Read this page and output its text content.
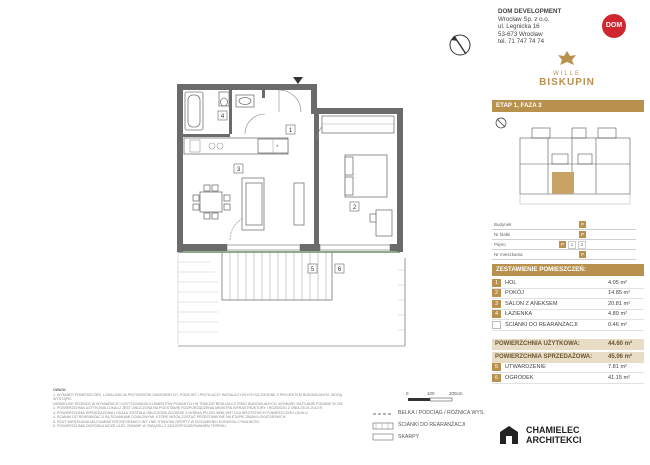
*
1
2
3
4
5	6
0	100	200cm
UWAGI:
1. WYMIARY POMIESZCZEŃ, LOKALIZACJA PRZYBORÓW SANITARNYCH, PODEJŚĆ I PRZYŁĄCZY INSTALACYJNYCH SĄ ZGODNE Z PROJEKTEM BUDOWLANYM. MOGĄ WYSTĄPIĆ
NIEWIELKIE RÓŻNICE W WYMIARACH I USYTUOWANIU ELEMENTÓW PODANYCH W TRAKCIE REALIZACJI PRAC BUDOWLANYCH. WYMIARY NA PLANIE PODANE W CM.
2. POWIERZCHNIA UŻYTKOWA LOKALU JEST OBLICZONA NA PODSTAWIE ROZPORZĄDZENIA MINISTRA INFRASTRUKTURY I ROZWOJU Z DNIA 25.04.2012 R.
3. POWIERZCHNIA SPRZEDAŻOWA LOKALU ZOSTAŁA OBLICZONA ZGODNIE Z NORMĄ PN-ISO 9836:1997 DLA WSZYSTKICH POMIESZCZEŃ LOKALU.
4. ŚCIANKI DO REARANŻACJI SĄ ŚCIANKAMI DZIAŁOWYMI, KTÓRE MOGĄ ZOSTAĆ PRZESTAWIONE NA ETAPIE ZMIAN LOKATORSKICH.
5. RZUT MIESZKANIA MA CHARAKTER INFORMACYJNY I NIE STANOWI OFERTY W ROZUMIENIU KODEKSU CYWILNEGO.
6. POWIERZCHNIA OGRÓDKA MOŻE ULEC ZMIANIE W ZWIĄZKU Z ZAGOSPODAROWANIEM TERENU.
BELKA / PODCIĄG / RÓŻNICA WYS.
ŚCIANKI DO REARANŻACJI
SKARPY
DOM DEVELOPMENT
Wrocław Sp. z o.o.
ul. Legnicka 16
53-673 Wrocław
tel. 71 747 74 74
DOM
WILLE
BISKUPIN
ETAP 1, FAZA 3
Budynek	P
Nr klatki	P
Piętro	P	1	2
Nr mieszkania	P
ZESTAWIENIE POMIESZCZEŃ:
1	HOL	4.05 m²
2	POKÓJ	14.85 m²
3	SALON Z ANEKSEM	20.81 m²
4	ŁAZIENKA	4.89 m²
ŚCIANKI DO REARANŻACJI	0.46 m²
POWIERZCHNIA UŻYTKOWA:	44.60 m²
POWIERZCHNIA SPRZEDAŻOWA:	45.06 m²
5	UTWARDZENIE	7.81 m²
6	OGRÓDEK	41.15 m²
CHAMIELEC
ARCHITEKCI
